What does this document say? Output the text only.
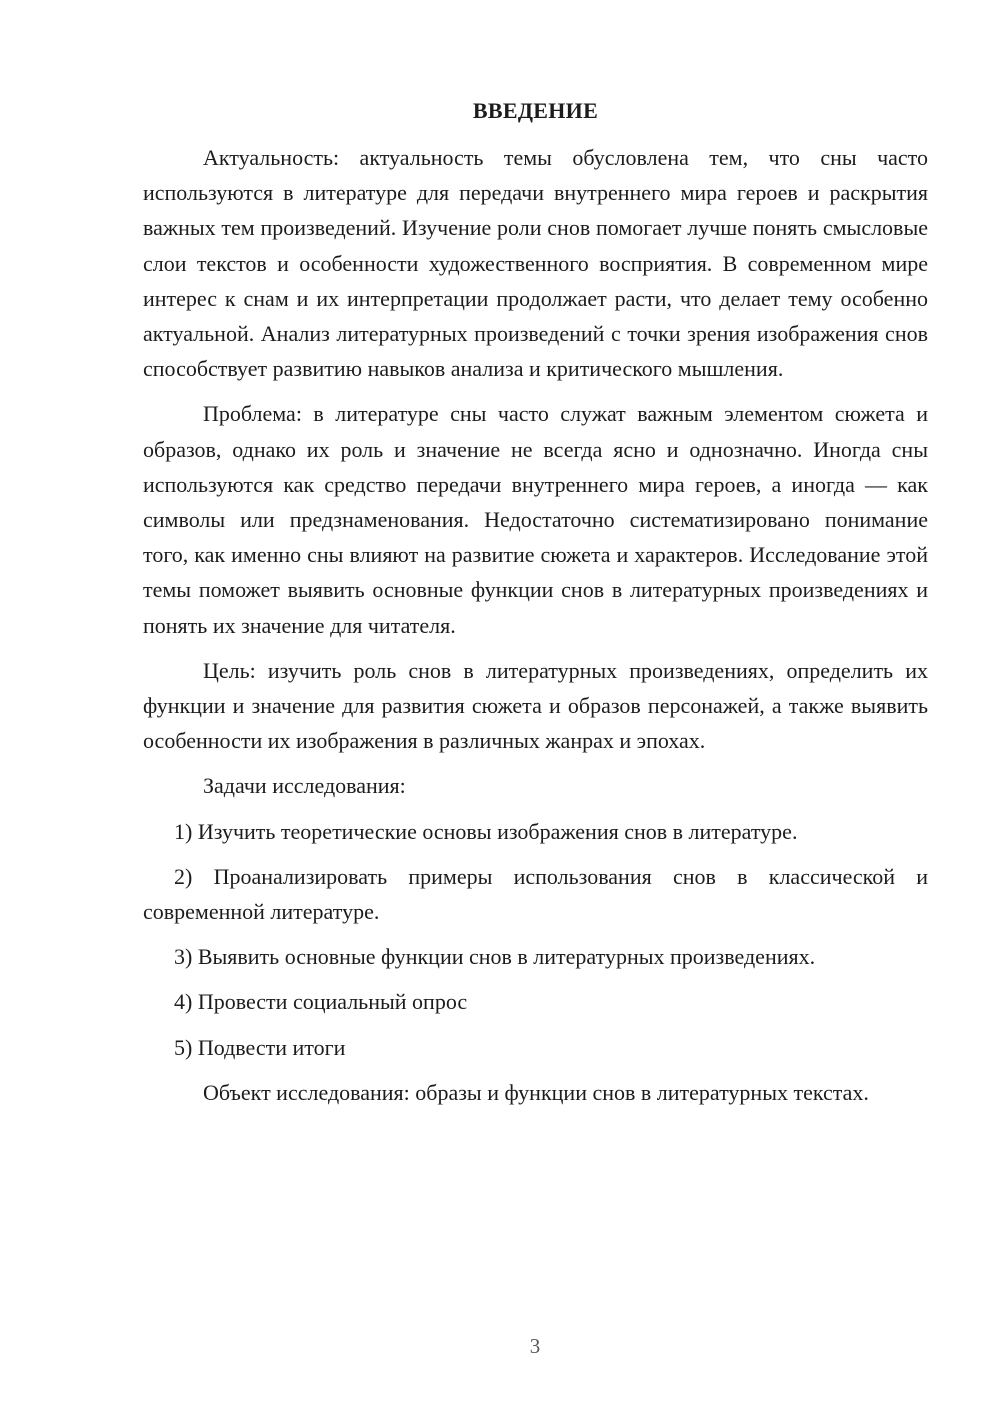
ВВЕДЕНИЕ

Актуальность: актуальность темы обусловлена тем, что сны часто используются в литературе для передачи внутреннего мира героев и раскрытия важных тем произведений. Изучение роли снов помогает лучше понять смысловые слои текстов и особенности художественного восприятия. В современном мире интерес к снам и их интерпретации продолжает расти, что делает тему особенно актуальной. Анализ литературных произведений с точки зрения изображения снов способствует развитию навыков анализа и критического мышления.

Проблема: в литературе сны часто служат важным элементом сюжета и образов, однако их роль и значение не всегда ясно и однозначно. Иногда сны используются как средство передачи внутреннего мира героев, а иногда — как символы или предзнаменования. Недостаточно систематизировано понимание того, как именно сны влияют на развитие сюжета и характеров. Исследование этой темы поможет выявить основные функции снов в литературных произведениях и понять их значение для читателя.

Цель: изучить роль снов в литературных произведениях, определить их функции и значение для развития сюжета и образов персонажей, а также выявить особенности их изображения в различных жанрах и эпохах.

Задачи исследования:

1) Изучить теоретические основы изображения снов в литературе.

2) Проанализировать примеры использования снов в классической и современной литературе.

3) Выявить основные функции снов в литературных произведениях.

4) Провести социальный опрос

5) Подвести итоги

Объект исследования: образы и функции снов в литературных текстах.

3
